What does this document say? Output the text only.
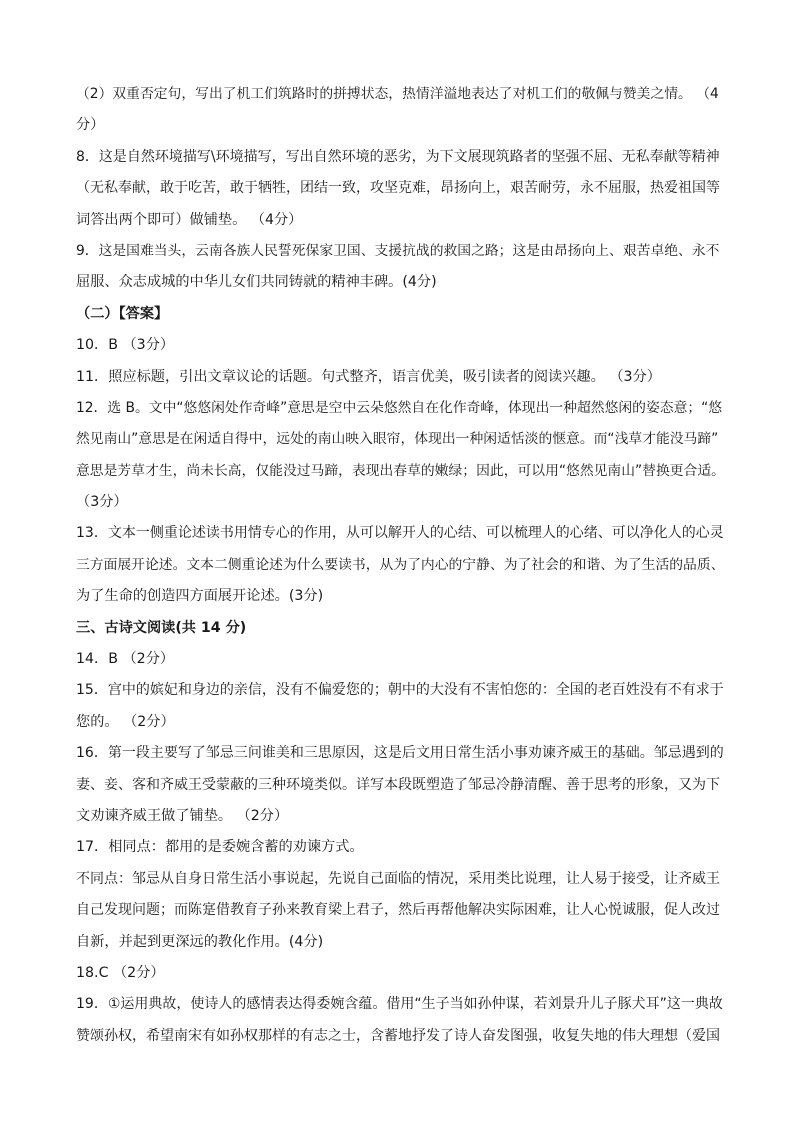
（2）双重否定句，写出了机工们筑路时的拼搏状态，热情洋溢地表达了对机工们的敬佩与赞美之情。 （4
分）
8．这是自然环境描写\环境描写，写出自然环境的恶劣，为下文展现筑路者的坚强不屈、无私奉献等精神
（无私奉献，敢于吃苦，敢于牺牲，团结一致，攻坚克难，昂扬向上，艰苦耐劳，永不屈服，热爱祖国等
词答出两个即可）做铺垫。 （4分）
9．这是国难当头，云南各族人民誓死保家卫国、支援抗战的救国之路；这是由昂扬向上、艰苦卓绝、永不
屈服、众志成城的中华儿女们共同铸就的精神丰碑。(4分)
（二）【答案】
10．B （3分）
11．照应标题，引出文章议论的话题。句式整齐，语言优美，吸引读者的阅读兴趣。 （3分）
12．选 B。文中“悠悠闲处作奇峰”意思是空中云朵悠然自在化作奇峰，体现出一种超然悠闲的姿态意；“悠
然见南山”意思是在闲适自得中，远处的南山映入眼帘，体现出一种闲适恬淡的惬意。而“浅草才能没马蹄”
意思是芳草才生，尚未长高，仅能没过马蹄，表现出春草的嫩绿；因此，可以用“悠然见南山”替换更合适。
（3分）
13．文本一侧重论述读书用情专心的作用，从可以解开人的心结、可以梳理人的心绪、可以净化人的心灵
三方面展开论述。文本二侧重论述为什么要读书，从为了内心的宁静、为了社会的和谐、为了生活的品质、
为了生命的创造四方面展开论述。(3分)
三、古诗文阅读(共 14 分)
14．B （2分）
15．宫中的嫔妃和身边的亲信，没有不偏爱您的；朝中的大没有不害怕您的：全国的老百姓没有不有求于
您的。 （2分）
16．第一段主要写了邹忌三问谁美和三思原因，这是后文用日常生活小事劝谏齐威王的基础。邹忌遇到的
妻、妾、客和齐威王受蒙蔽的三种环境类似。详写本段既塑造了邹忌冷静清醒、善于思考的形象，又为下
文劝谏齐威王做了铺垫。 （2分）
17．相同点：都用的是委婉含蓄的劝谏方式。
不同点：邹忌从自身日常生活小事说起，先说自己面临的情况，采用类比说理，让人易于接受，让齐威王
自己发现问题；而陈寔借教育子孙来教育梁上君子，然后再帮他解决实际困难，让人心悦诚服，促人改过
自新，并起到更深远的教化作用。(4分)
18.C （2分）
19．①运用典故，使诗人的感情表达得委婉含蕴。借用“生子当如孙仲谋，若刘景升儿子豚犬耳”这一典故
赞颂孙权，希望南宋有如孙权那样的有志之士，含蓄地抒发了诗人奋发图强，收复失地的伟大理想（爱国
